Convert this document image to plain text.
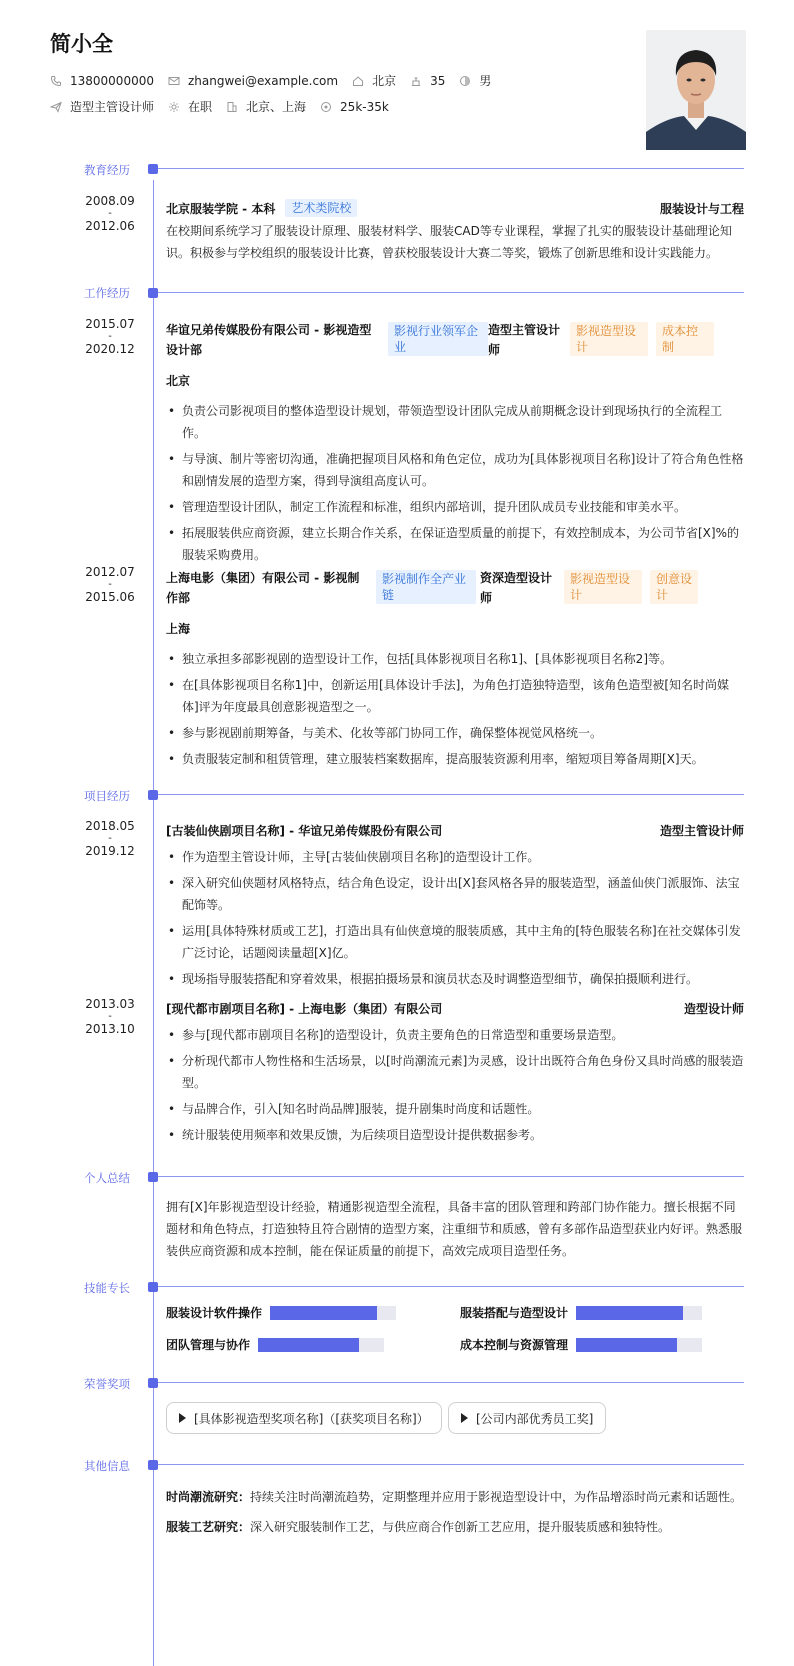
简小全
13800000000	zhangwei@example.com	北京	35	男
造型主管设计师	在职	北京、上海	25k-35k
教育经历
2008.09
-
2012.06
北京服装学院 - 本科	艺术类院校	服装设计与工程
在校期间系统学习了服装设计原理、服装材料学、服装CAD等专业课程，掌握了扎实的服装设计基础理论知识。积极参与学校组织的服装设计比赛，曾获校服装设计大赛二等奖，锻炼了创新思维和设计实践能力。
工作经历
2015.07
-
2020.12
华谊兄弟传媒股份有限公司 - 影视造型设计部
影视行业领军企业
造型主管设计师
影视造型设计
成本控制
北京
• 负责公司影视项目的整体造型设计规划，带领造型设计团队完成从前期概念设计到现场执行的全流程工作。
• 与导演、制片等密切沟通，准确把握项目风格和角色定位，成功为[具体影视项目名称]设计了符合角色性格和剧情发展的造型方案，得到导演组高度认可。
• 管理造型设计团队，制定工作流程和标准，组织内部培训，提升团队成员专业技能和审美水平。
• 拓展服装供应商资源，建立长期合作关系，在保证造型质量的前提下，有效控制成本，为公司节省[X]%的服装采购费用。
2012.07
-
2015.06
上海电影（集团）有限公司 - 影视制作部
影视制作全产业链
资深造型设计师
影视造型设计
创意设计
上海
• 独立承担多部影视剧的造型设计工作，包括[具体影视项目名称1]、[具体影视项目名称2]等。
• 在[具体影视项目名称1]中，创新运用[具体设计手法]，为角色打造独特造型，该角色造型被[知名时尚媒体]评为年度最具创意影视造型之一。
• 参与影视剧前期筹备，与美术、化妆等部门协同工作，确保整体视觉风格统一。
• 负责服装定制和租赁管理，建立服装档案数据库，提高服装资源利用率，缩短项目筹备周期[X]天。
项目经历
2018.05
-
2019.12
[古装仙侠剧项目名称] - 华谊兄弟传媒股份有限公司	造型主管设计师
• 作为造型主管设计师，主导[古装仙侠剧项目名称]的造型设计工作。
• 深入研究仙侠题材风格特点，结合角色设定，设计出[X]套风格各异的服装造型，涵盖仙侠门派服饰、法宝配饰等。
• 运用[具体特殊材质或工艺]，打造出具有仙侠意境的服装质感，其中主角的[特色服装名称]在社交媒体引发广泛讨论，话题阅读量超[X]亿。
• 现场指导服装搭配和穿着效果，根据拍摄场景和演员状态及时调整造型细节，确保拍摄顺利进行。
2013.03
-
2013.10
[现代都市剧项目名称] - 上海电影（集团）有限公司	造型设计师
• 参与[现代都市剧项目名称]的造型设计，负责主要角色的日常造型和重要场景造型。
• 分析现代都市人物性格和生活场景，以[时尚潮流元素]为灵感，设计出既符合角色身份又具时尚感的服装造型。
• 与品牌合作，引入[知名时尚品牌]服装，提升剧集时尚度和话题性。
• 统计服装使用频率和效果反馈，为后续项目造型设计提供数据参考。
个人总结
拥有[X]年影视造型设计经验，精通影视造型全流程，具备丰富的团队管理和跨部门协作能力。擅长根据不同题材和角色特点，打造独特且符合剧情的造型方案，注重细节和质感，曾有多部作品造型获业内好评。熟悉服装供应商资源和成本控制，能在保证质量的前提下，高效完成项目造型任务。
技能专长
服装设计软件操作	服装搭配与造型设计
团队管理与协作	成本控制与资源管理
荣誉奖项
[具体影视造型奖项名称]（[获奖项目名称]）	[公司内部优秀员工奖]
其他信息
时尚潮流研究：持续关注时尚潮流趋势，定期整理并应用于影视造型设计中，为作品增添时尚元素和话题性。
服装工艺研究：深入研究服装制作工艺，与供应商合作创新工艺应用，提升服装质感和独特性。
